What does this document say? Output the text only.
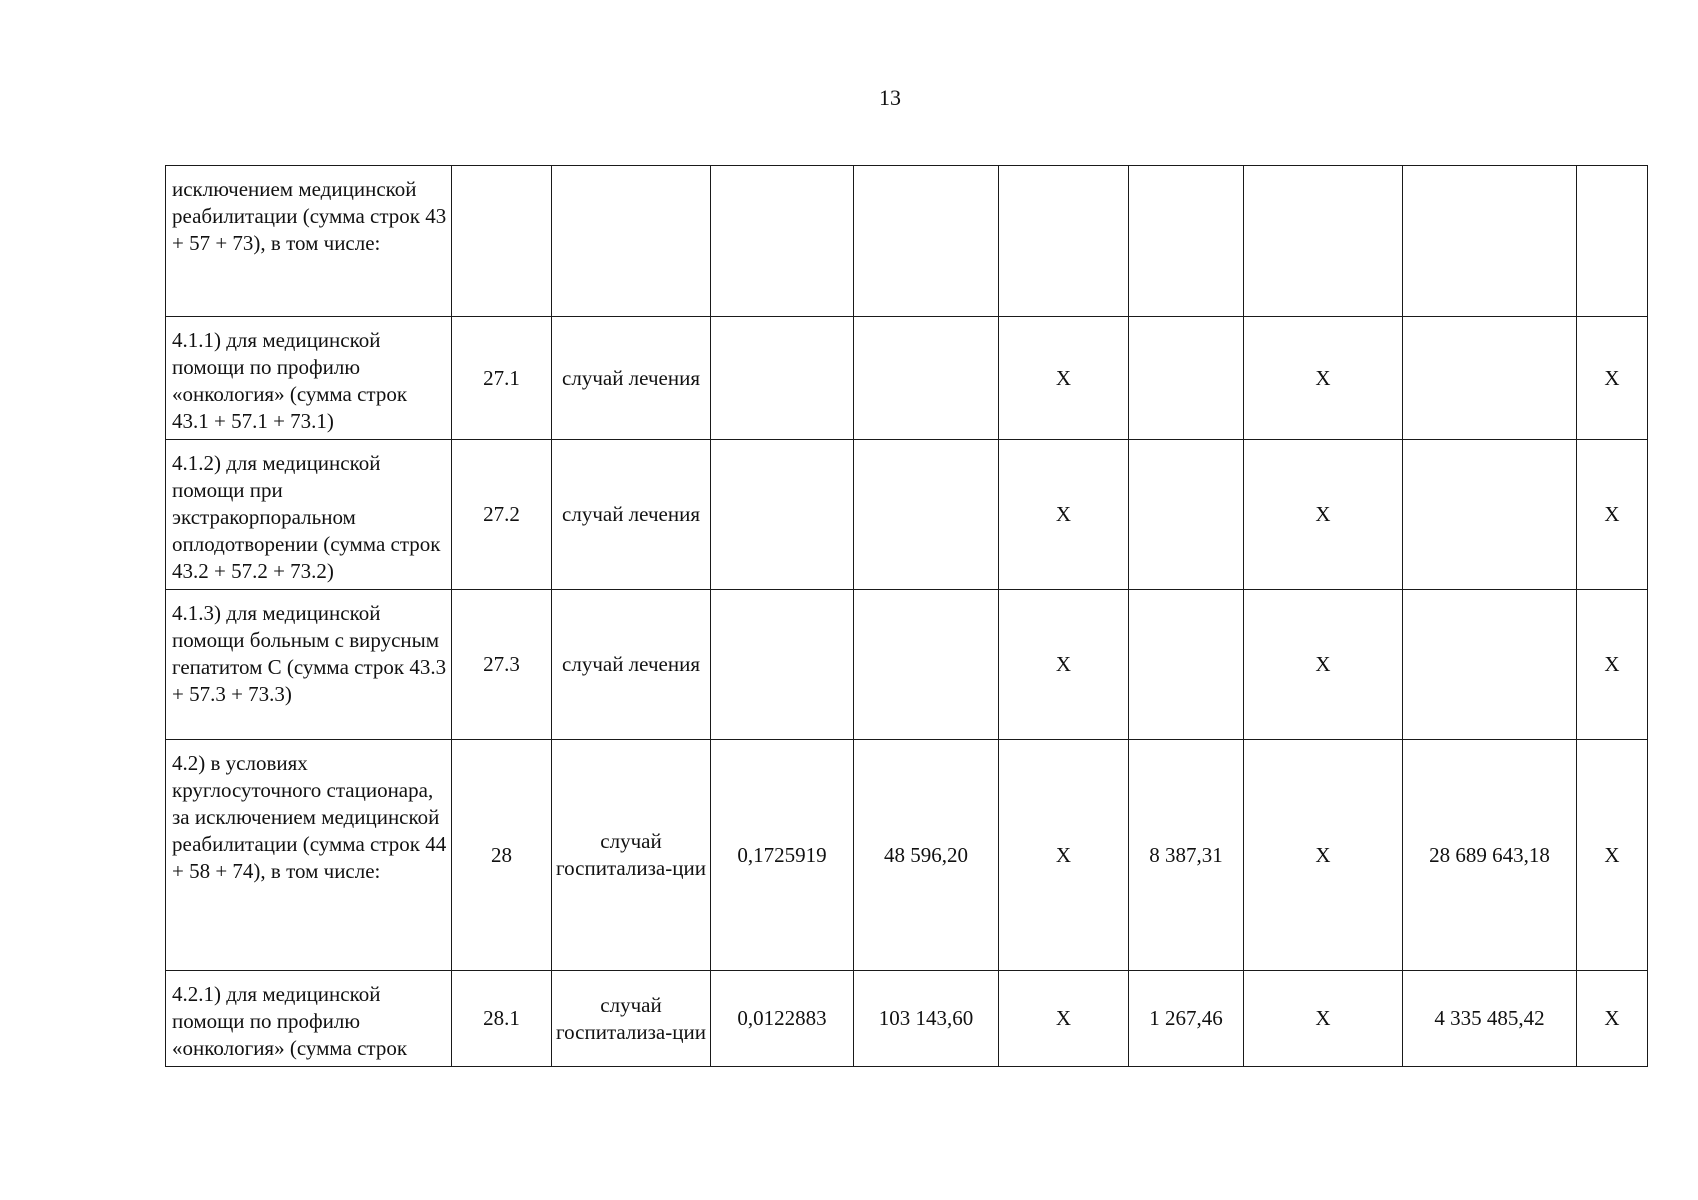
13
исключением медицинской реабилитации (сумма строк 43 + 57 + 73), в том числе:									
4.1.1) для медицинской помощи по профилю «онкология» (сумма строк 43.1 + 57.1 + 73.1)	27.1	случай лечения			X		X		X
4.1.2) для медицинской помощи при экстракорпоральном оплодотворении (сумма строк 43.2 + 57.2 + 73.2)	27.2	случай лечения			X		X		X
4.1.3) для медицинской помощи больным с вирусным гепатитом С (сумма строк 43.3 + 57.3 + 73.3)	27.3	случай лечения			X		X		X
4.2) в условиях круглосуточного стационара, за исключением медицинской реабилитации (сумма строк 44 + 58 + 74), в том числе:	28	случай госпитализа-ции	0,1725919	48 596,20	X	8 387,31	X	28 689 643,18	X
4.2.1) для медицинской помощи по профилю «онкология» (сумма строк	28.1	случай госпитализа-ции	0,0122883	103 143,60	X	1 267,46	X	4 335 485,42	X
